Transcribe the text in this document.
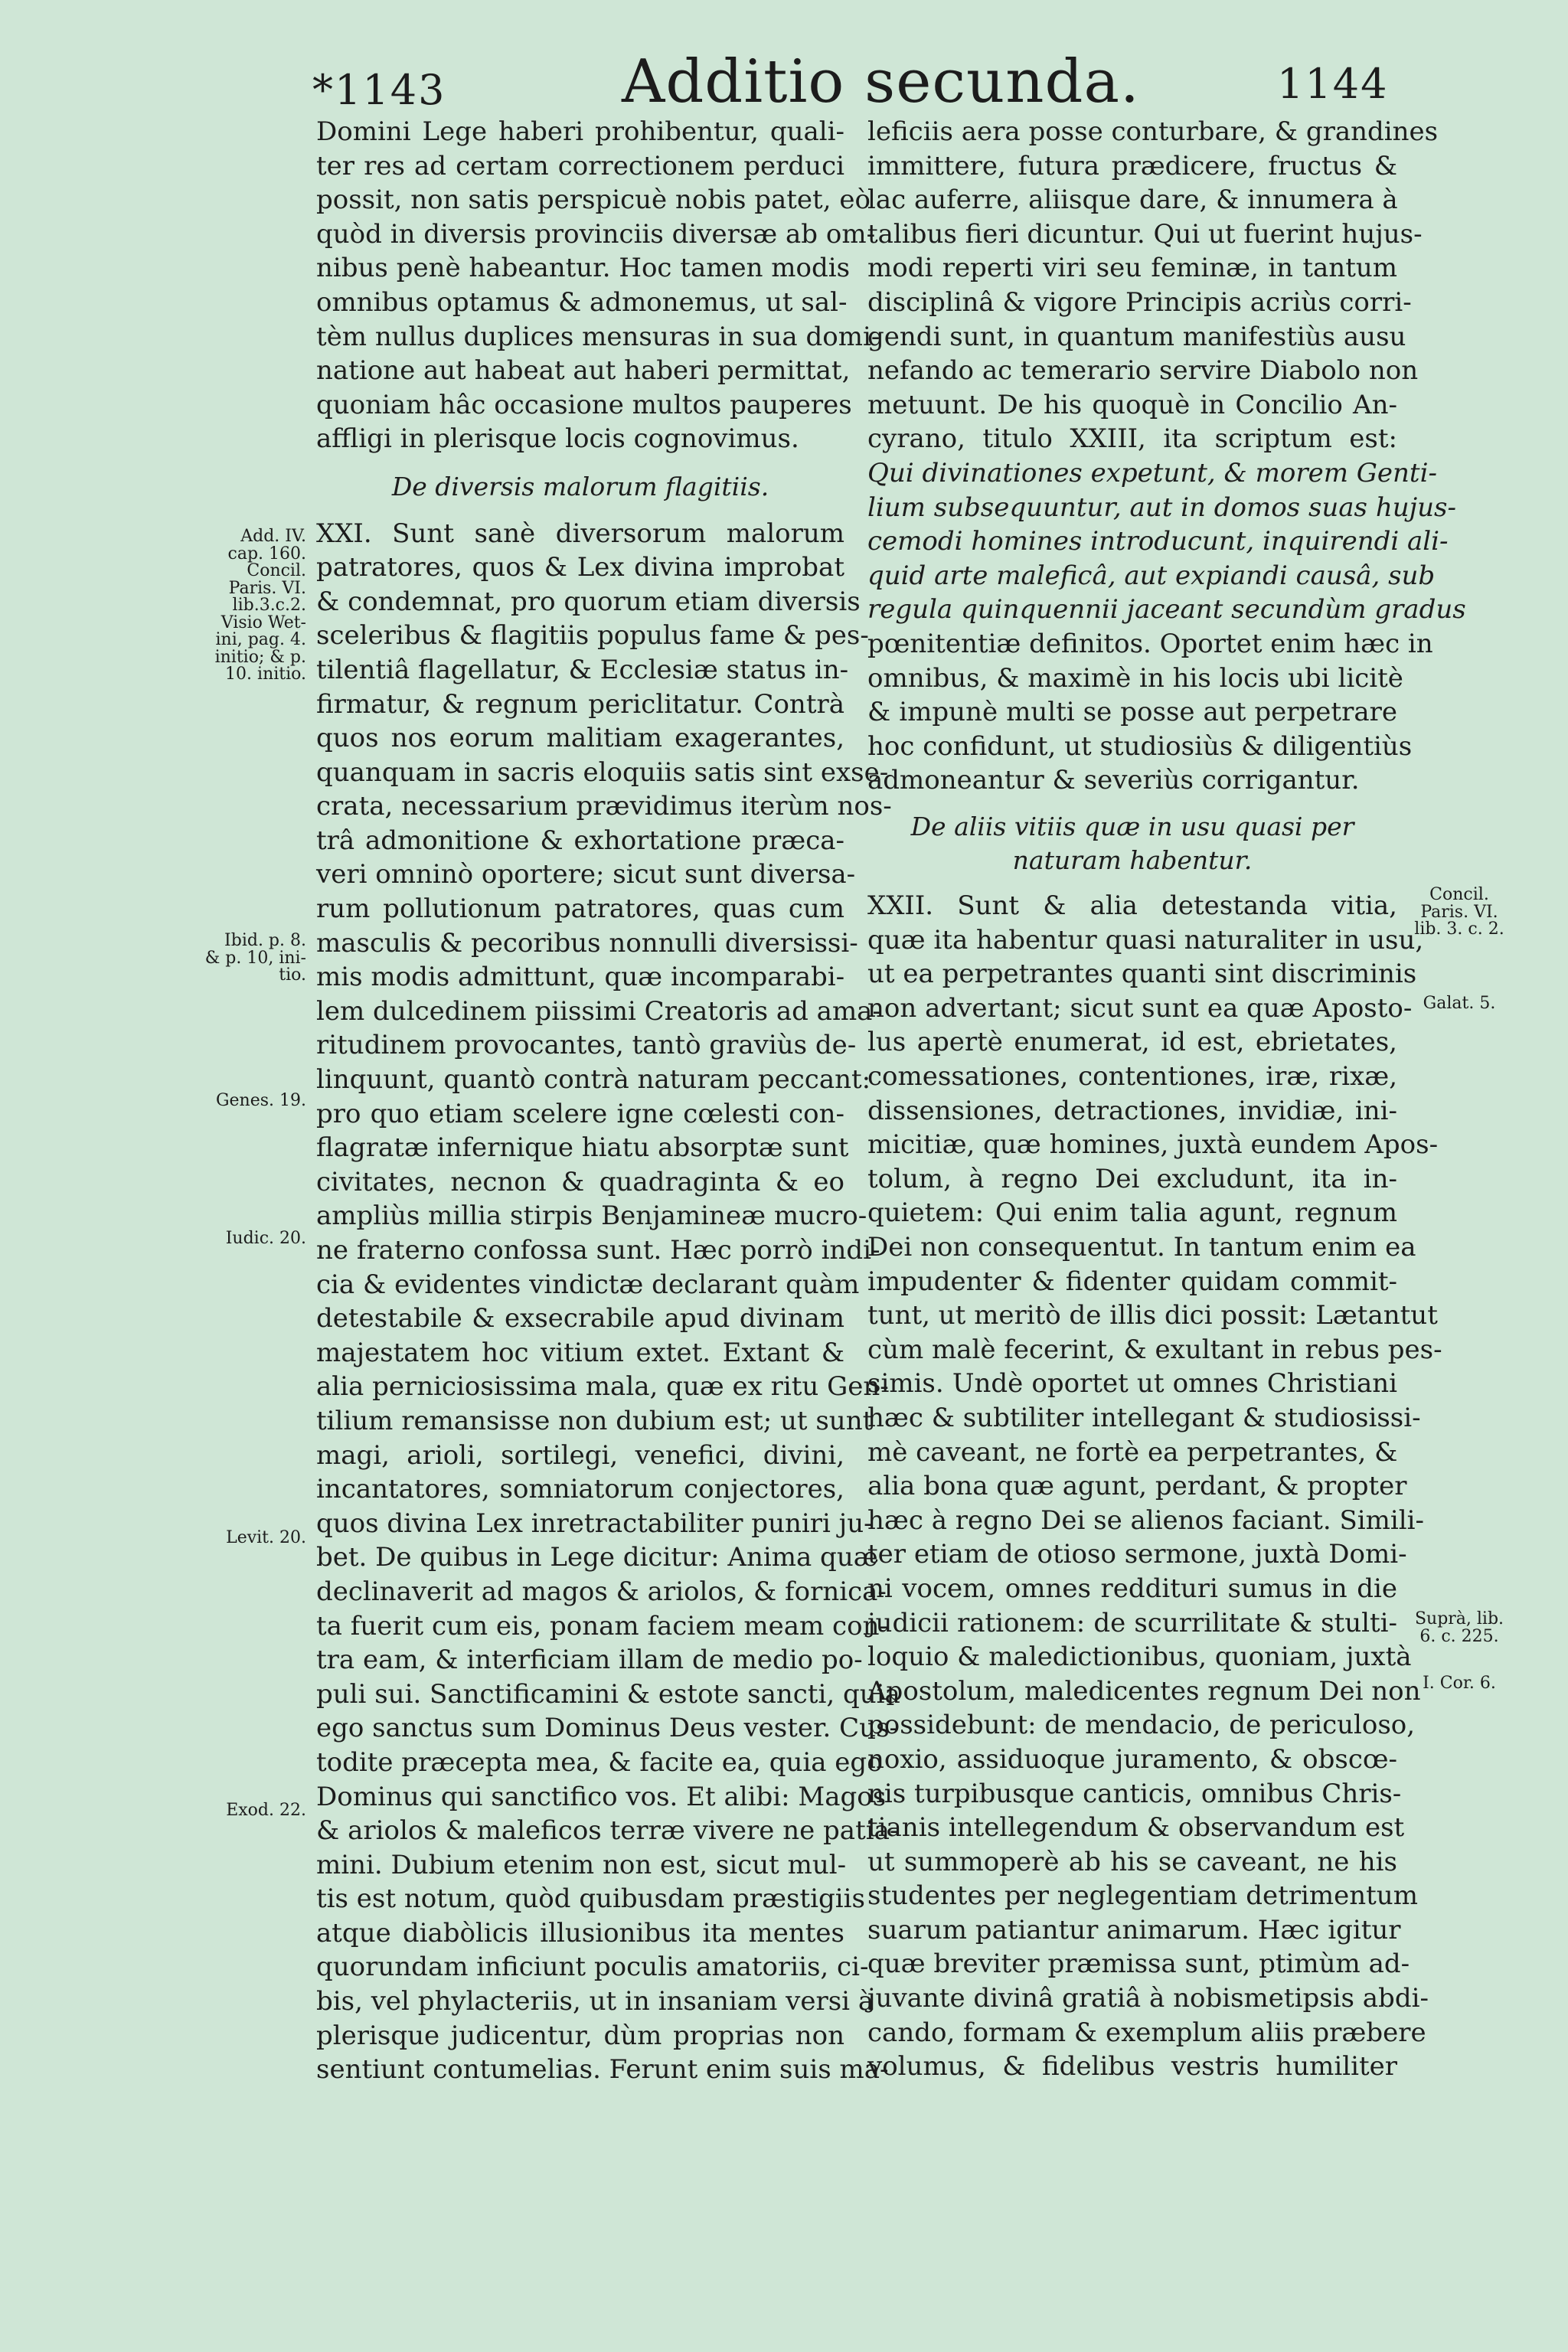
*1143	Additio secunda.	1144
Domini Lege haberi prohibentur, quali-
ter res ad certam correctionem perduci
possit, non satis perspicuè nobis patet, eò
quòd in diversis provinciis diversæ ab om-
nibus penè habeantur. Hoc tamen modis
omnibus optamus & admonemus, ut sal-
tèm nullus duplices mensuras in sua domi-
natione aut habeat aut haberi permittat,
quoniam hâc occasione multos pauperes
affligi in plerisque locis cognovimus.
De diversis malorum flagitiis.
XXI. Sunt sanè diversorum malorum
patratores, quos & Lex divina improbat
& condemnat, pro quorum etiam diversis
sceleribus & flagitiis populus fame & pes-
tilentiâ flagellatur, & Ecclesiæ status in-
firmatur, & regnum periclitatur. Contrà
quos nos eorum malitiam exagerantes,
quanquam in sacris eloquiis satis sint exse-
crata, necessarium prævidimus iterùm nos-
trâ admonitione & exhortatione præca-
veri omninò oportere; sicut sunt diversa-
rum pollutionum patratores, quas cum
masculis & pecoribus nonnulli diversissi-
mis modis admittunt, quæ incomparabi-
lem dulcedinem piissimi Creatoris ad ama-
ritudinem provocantes, tantò graviùs de-
linquunt, quantò contrà naturam peccant:
pro quo etiam scelere igne cœlesti con-
flagratæ infernique hiatu absorptæ sunt
civitates, necnon & quadraginta & eo
ampliùs millia stirpis Benjamineæ mucro-
ne fraterno confossa sunt. Hæc porrò indi-
cia & evidentes vindictæ declarant quàm
detestabile & exsecrabile apud divinam
majestatem hoc vitium extet. Extant &
alia perniciosissima mala, quæ ex ritu Gen-
tilium remansisse non dubium est; ut sunt
magi, arioli, sortilegi, venefici, divini,
incantatores, somniatorum conjectores,
quos divina Lex inretractabiliter puniri ju-
bet. De quibus in Lege dicitur: Anima quæ
declinaverit ad magos & ariolos, & fornica-
ta fuerit cum eis, ponam faciem meam con-
tra eam, & interficiam illam de medio po-
puli sui. Sanctificamini & estote sancti, quia
ego sanctus sum Dominus Deus vester. Cus-
todite præcepta mea, & facite ea, quia ego
Dominus qui sanctifico vos. Et alibi: Magos
& ariolos & maleficos terræ vivere ne patia-
mini. Dubium etenim non est, sicut mul-
tis est notum, quòd quibusdam præstigiis
atque diabòlicis illusionibus ita mentes
quorundam inficiunt poculis amatoriis, ci-
bis, vel phylacteriis, ut in insaniam versi à
plerisque judicentur, dùm proprias non
sentiunt contumelias. Ferunt enim suis ma-
leficiis aera posse conturbare, & grandines
immittere, futura prædicere, fructus &
lac auferre, aliisque dare, & innumera à
talibus fieri dicuntur. Qui ut fuerint hujus-
modi reperti viri seu feminæ, in tantum
disciplinâ & vigore Principis acriùs corri-
gendi sunt, in quantum manifestiùs ausu
nefando ac temerario servire Diabolo non
metuunt. De his quoquè in Concilio An-
cyrano, titulo XXIII, ita scriptum est:
Qui divinationes expetunt, & morem Genti-
lium subsequuntur, aut in domos suas hujus-
cemodi homines introducunt, inquirendi ali-
quid arte maleficâ, aut expiandi causâ, sub
regula quinquennii jaceant secundùm gradus
pœnitentiæ definitos. Oportet enim hæc in
omnibus, & maximè in his locis ubi licitè
& impunè multi se posse aut perpetrare
hoc confidunt, ut studiosiùs & diligentiùs
admoneantur & severiùs corrigantur.
De aliis vitiis quæ in usu quasi per
naturam habentur.
XXII. Sunt & alia detestanda vitia,
quæ ita habentur quasi naturaliter in usu,
ut ea perpetrantes quanti sint discriminis
non advertant; sicut sunt ea quæ Aposto-
lus apertè enumerat, id est, ebrietates,
comessationes, contentiones, iræ, rixæ,
dissensiones, detractiones, invidiæ, ini-
micitiæ, quæ homines, juxtà eundem Apos-
tolum, à regno Dei excludunt, ita in-
quietem: Qui enim talia agunt, regnum
Dei non consequentut. In tantum enim ea
impudenter & fidenter quidam commit-
tunt, ut meritò de illis dici possit: Lætantut
cùm malè fecerint, & exultant in rebus pes-
simis. Undè oportet ut omnes Christiani
hæc & subtiliter intellegant & studiosissi-
mè caveant, ne fortè ea perpetrantes, &
alia bona quæ agunt, perdant, & propter
hæc à regno Dei se alienos faciant. Simili-
ter etiam de otioso sermone, juxtà Domi-
ni vocem, omnes reddituri sumus in die
judicii rationem: de scurrilitate & stulti-
loquio & maledictionibus, quoniam, juxtà
Apostolum, maledicentes regnum Dei non
possidebunt: de mendacio, de periculoso,
noxio, assiduoque juramento, & obscœ-
nis turpibusque canticis, omnibus Chris-
tianis intellegendum & observandum est
ut summoperè ab his se caveant, ne his
studentes per neglegentiam detrimentum
suarum patiantur animarum. Hæc igitur
quæ breviter præmissa sunt, ptimùm ad-
juvante divinâ gratiâ à nobismetipsis abdi-
cando, formam & exemplum aliis præbere
volumus, & fidelibus vestris humiliter
Add. IV.
cap. 160.
Concil.
Paris. VI.
lib.3.c.2.
Visio Wet-
ini, pag. 4.
initio; & p.
10. initio.
Ibid. p. 8.
& p. 10, ini-
tio.
Genes. 19.
Iudic. 20.
Levit. 20.
Exod. 22.
Concil.
Paris. VI.
lib. 3. c. 2.
Galat. 5.
Suprà, lib.
6. c. 225.
I. Cor. 6.
